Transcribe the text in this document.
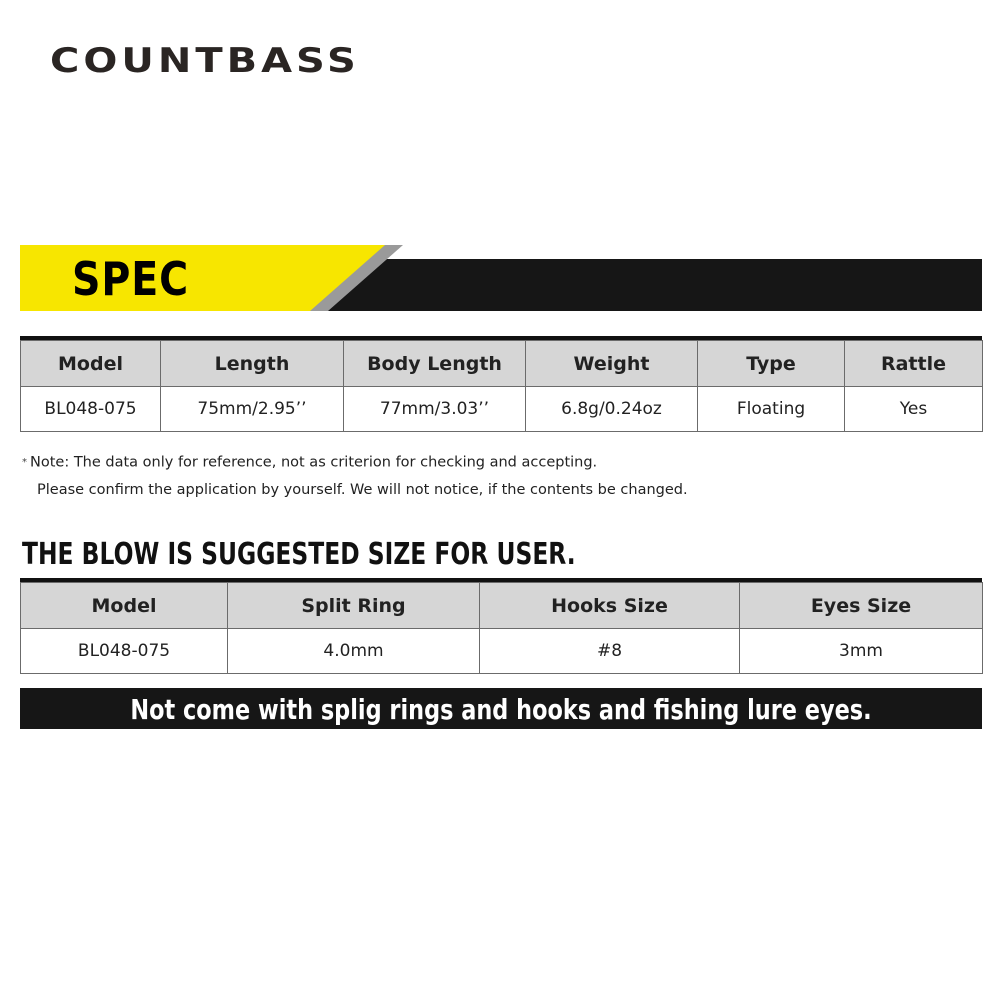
COUNTBASS
SPEC
Model	Length	Body Length	Weight	Type	Rattle
BL048-075	75mm/2.95’’	77mm/3.03’’	6.8g/0.24oz	Floating	Yes
* Note: The data only for reference, not as criterion for checking and accepting.
Please confirm the application by yourself. We will not notice, if the contents be changed.
THE BLOW IS SUGGESTED SIZE FOR USER.
Model	Split Ring	Hooks Size	Eyes Size
BL048-075	4.0mm	#8	3mm
Not come with splig rings and hooks and fishing lure eyes.
